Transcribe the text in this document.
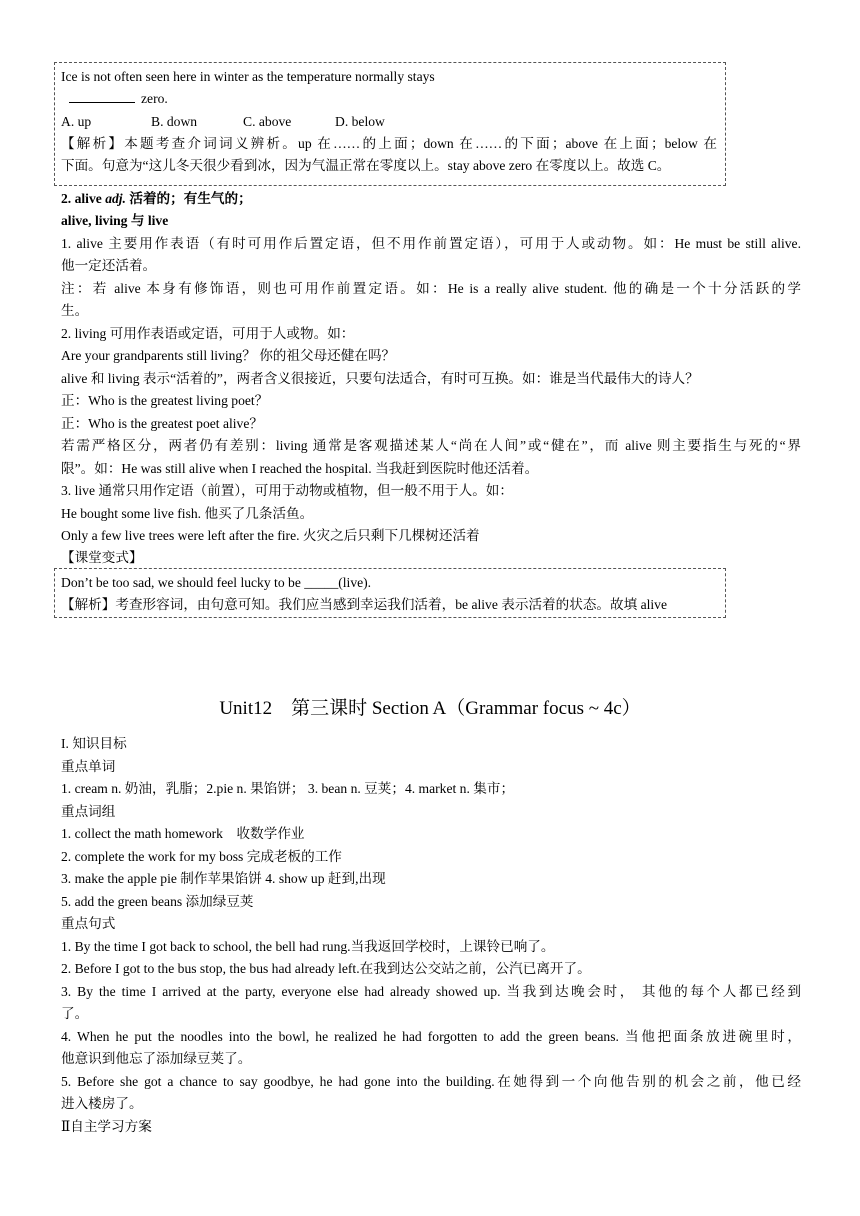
Ice is not often seen here in winter as the temperature normally stays
zero.
A. up	B. down	C. above	D. below
【解析】本题考查介词词义辨析。up 在……的上面；down 在……的下面；above 在上面；below 在
下面。句意为“这儿冬天很少看到冰，因为气温正常在零度以上。stay above zero 在零度以上。故选 C。
2. alive adj. 活着的；有生气的；
alive, living 与 live
1. alive 主要用作表语（有时可用作后置定语，但不用作前置定语），可用于人或动物。如：He must be still alive.
他一定还活着。
注：若 alive 本身有修饰语，则也可用作前置定语。如：He is a really alive student. 他的确是一个十分活跃的学
生。
2. living 可用作表语或定语，可用于人或物。如：
Are your grandparents still living？ 你的祖父母还健在吗？
alive 和 living 表示“活着的”，两者含义很接近，只要句法适合，有时可互换。如：谁是当代最伟大的诗人？
正：Who is the greatest living poet？
正：Who is the greatest poet alive？
若需严格区分，两者仍有差别：living 通常是客观描述某人“尚在人间”或“健在”，而 alive 则主要指生与死的“界
限”。如：He was still alive when I reached the hospital. 当我赶到医院时他还活着。
3. live 通常只用作定语（前置），可用于动物或植物，但一般不用于人。如：
He bought some live fish. 他买了几条活鱼。
Only a few live trees were left after the fire. 火灾之后只剩下几棵树还活着
【课堂变式】
Don’t be too sad, we should feel lucky to be _____(live).
【解析】考查形容词，由句意可知。我们应当感到幸运我们活着，be alive 表示活着的状态。故填 alive
Unit12    第三课时 Section A（Grammar focus ~ 4c）
I. 知识目标
重点单词
1. cream n. 奶油，乳脂；2.pie n. 果馅饼； 3. bean n. 豆荚；4. market n. 集市；
重点词组
1. collect the math homework    收数学作业
2. complete the work for my boss 完成老板的工作
3. make the apple pie 制作苹果馅饼 4. show up 赶到,出现
5. add the green beans 添加绿豆荚
重点句式
1. By the time I got back to school, the bell had rung.当我返回学校时，上课铃已响了。
2. Before I got to the bus stop, the bus had already left.在我到达公交站之前，公汽已离开了。
3. By the time I arrived at the party, everyone else had already showed up. 当我到达晚会时， 其他的每个人都已经到
了。
4. When he put the noodles into the bowl, he realized he had forgotten to add the green beans. 当他把面条放进碗里时，
他意识到他忘了添加绿豆荚了。
5. Before she got a chance to say goodbye, he had gone into the building.在她得到一个向他告别的机会之前，他已经
进入楼房了。
Ⅱ自主学习方案
